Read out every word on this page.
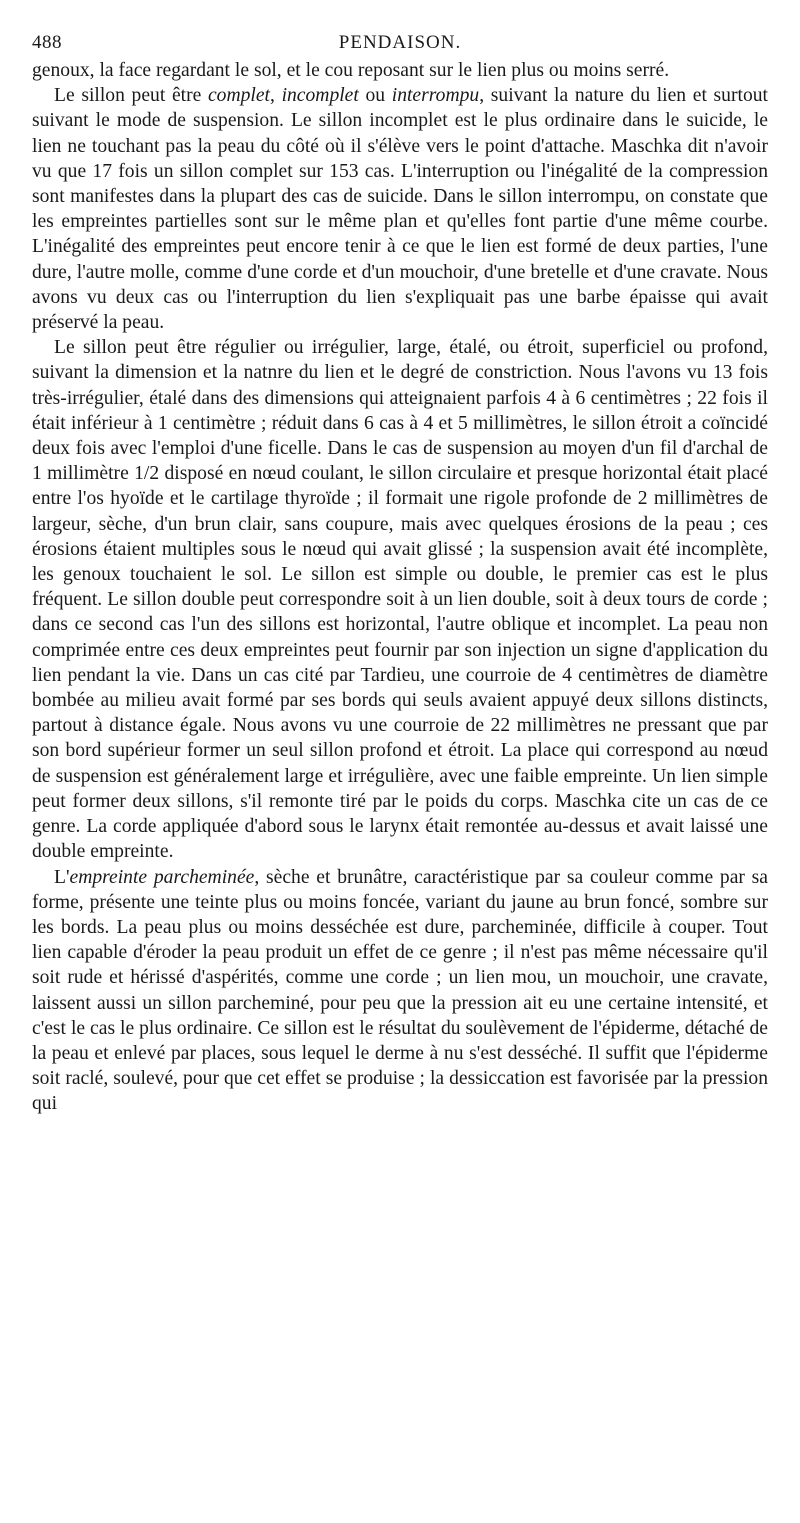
488	PENDAISON.

genoux, la face regardant le sol, et le cou reposant sur le lien plus ou moins serré.

Le sillon peut être complet, incomplet ou interrompu, suivant la nature du lien et surtout suivant le mode de suspension. Le sillon incomplet est le plus ordinaire dans le suicide, le lien ne touchant pas la peau du côté où il s'élève vers le point d'attache. Maschka dit n'avoir vu que 17 fois un sillon complet sur 153 cas. L'interruption ou l'inégalité de la compression sont manifestes dans la plupart des cas de suicide. Dans le sillon interrompu, on constate que les empreintes partielles sont sur le même plan et qu'elles font partie d'une même courbe. L'inégalité des empreintes peut encore tenir à ce que le lien est formé de deux parties, l'une dure, l'autre molle, comme d'une corde et d'un mouchoir, d'une bretelle et d'une cravate. Nous avons vu deux cas ou l'interruption du lien s'expliquait pas une barbe épaisse qui avait préservé la peau.

Le sillon peut être régulier ou irrégulier, large, étalé, ou étroit, superficiel ou profond, suivant la dimension et la natnre du lien et le degré de constriction. Nous l'avons vu 13 fois très-irrégulier, étalé dans des dimensions qui atteignaient parfois 4 à 6 centimètres ; 22 fois il était inférieur à 1 centimètre ; réduit dans 6 cas à 4 et 5 millimètres, le sillon étroit a coïncidé deux fois avec l'emploi d'une ficelle. Dans le cas de suspension au moyen d'un fil d'archal de 1 millimètre 1/2 disposé en nœud coulant, le sillon circulaire et presque horizontal était placé entre l'os hyoïde et le cartilage thyroïde ; il formait une rigole profonde de 2 millimètres de largeur, sèche, d'un brun clair, sans coupure, mais avec quelques érosions de la peau ; ces érosions étaient multiples sous le nœud qui avait glissé ; la suspension avait été incomplète, les genoux touchaient le sol. Le sillon est simple ou double, le premier cas est le plus fréquent. Le sillon double peut correspondre soit à un lien double, soit à deux tours de corde ; dans ce second cas l'un des sillons est horizontal, l'autre oblique et incomplet. La peau non comprimée entre ces deux empreintes peut fournir par son injection un signe d'application du lien pendant la vie. Dans un cas cité par Tardieu, une courroie de 4 centimètres de diamètre bombée au milieu avait formé par ses bords qui seuls avaient appuyé deux sillons distincts, partout à distance égale. Nous avons vu une courroie de 22 millimètres ne pressant que par son bord supérieur former un seul sillon profond et étroit. La place qui correspond au nœud de suspension est généralement large et irrégulière, avec une faible empreinte. Un lien simple peut former deux sillons, s'il remonte tiré par le poids du corps. Maschka cite un cas de ce genre. La corde appliquée d'abord sous le larynx était remontée au-dessus et avait laissé une double empreinte.

L'empreinte parcheminée, sèche et brunâtre, caractéristique par sa couleur comme par sa forme, présente une teinte plus ou moins foncée, variant du jaune au brun foncé, sombre sur les bords. La peau plus ou moins desséchée est dure, parcheminée, difficile à couper. Tout lien capable d'éroder la peau produit un effet de ce genre ; il n'est pas même nécessaire qu'il soit rude et hérissé d'aspérités, comme une corde ; un lien mou, un mouchoir, une cravate, laissent aussi un sillon parcheminé, pour peu que la pression ait eu une certaine intensité, et c'est le cas le plus ordinaire. Ce sillon est le résultat du soulèvement de l'épiderme, détaché de la peau et enlevé par places, sous lequel le derme à nu s'est desséché. Il suffit que l'épiderme soit raclé, soulevé, pour que cet effet se produise ; la dessiccation est favorisée par la pression qui
